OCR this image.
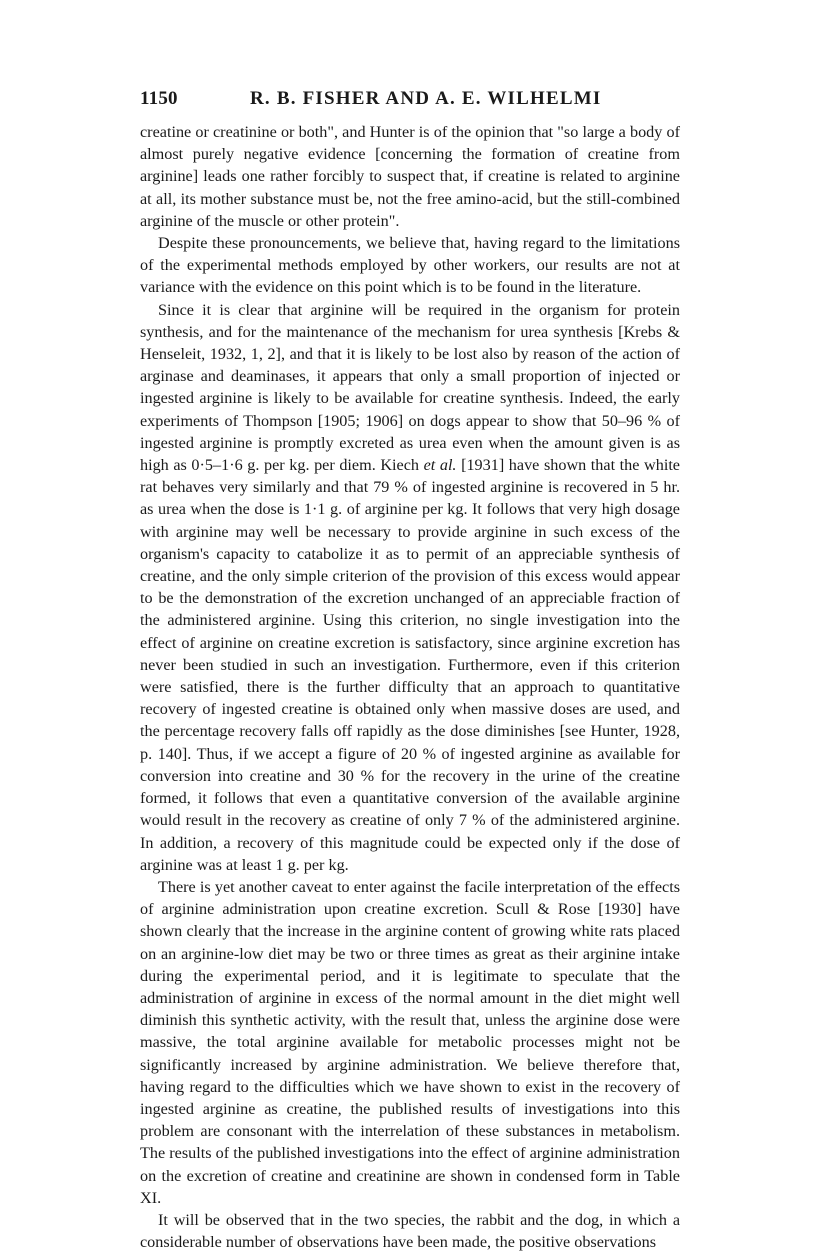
1150	R. B. FISHER AND A. E. WILHELMI

creatine or creatinine or both", and Hunter is of the opinion that "so large a body of almost purely negative evidence [concerning the formation of creatine from arginine] leads one rather forcibly to suspect that, if creatine is related to arginine at all, its mother substance must be, not the free amino-acid, but the still-combined arginine of the muscle or other protein".

Despite these pronouncements, we believe that, having regard to the limitations of the experimental methods employed by other workers, our results are not at variance with the evidence on this point which is to be found in the literature.

Since it is clear that arginine will be required in the organism for protein synthesis, and for the maintenance of the mechanism for urea synthesis [Krebs & Henseleit, 1932, 1, 2], and that it is likely to be lost also by reason of the action of arginase and deaminases, it appears that only a small proportion of injected or ingested arginine is likely to be available for creatine synthesis. Indeed, the early experiments of Thompson [1905; 1906] on dogs appear to show that 50–96 % of ingested arginine is promptly excreted as urea even when the amount given is as high as 0·5–1·6 g. per kg. per diem. Kiech et al. [1931] have shown that the white rat behaves very similarly and that 79 % of ingested arginine is recovered in 5 hr. as urea when the dose is 1·1 g. of arginine per kg. It follows that very high dosage with arginine may well be necessary to provide arginine in such excess of the organism's capacity to catabolize it as to permit of an appreciable synthesis of creatine, and the only simple criterion of the provision of this excess would appear to be the demonstration of the excretion unchanged of an appreciable fraction of the administered arginine. Using this criterion, no single investigation into the effect of arginine on creatine excretion is satisfactory, since arginine excretion has never been studied in such an investigation. Furthermore, even if this criterion were satisfied, there is the further difficulty that an approach to quantitative recovery of ingested creatine is obtained only when massive doses are used, and the percentage recovery falls off rapidly as the dose diminishes [see Hunter, 1928, p. 140]. Thus, if we accept a figure of 20 % of ingested arginine as available for conversion into creatine and 30 % for the recovery in the urine of the creatine formed, it follows that even a quantitative conversion of the available arginine would result in the recovery as creatine of only 7 % of the administered arginine. In addition, a recovery of this magnitude could be expected only if the dose of arginine was at least 1 g. per kg.

There is yet another caveat to enter against the facile interpretation of the effects of arginine administration upon creatine excretion. Scull & Rose [1930] have shown clearly that the increase in the arginine content of growing white rats placed on an arginine-low diet may be two or three times as great as their arginine intake during the experimental period, and it is legitimate to speculate that the administration of arginine in excess of the normal amount in the diet might well diminish this synthetic activity, with the result that, unless the arginine dose were massive, the total arginine available for metabolic processes might not be significantly increased by arginine administration. We believe therefore that, having regard to the difficulties which we have shown to exist in the recovery of ingested arginine as creatine, the published results of investigations into this problem are consonant with the interrelation of these substances in metabolism. The results of the published investigations into the effect of arginine administration on the excretion of creatine and creatinine are shown in condensed form in Table XI.

It will be observed that in the two species, the rabbit and the dog, in which a considerable number of observations have been made, the positive observations
